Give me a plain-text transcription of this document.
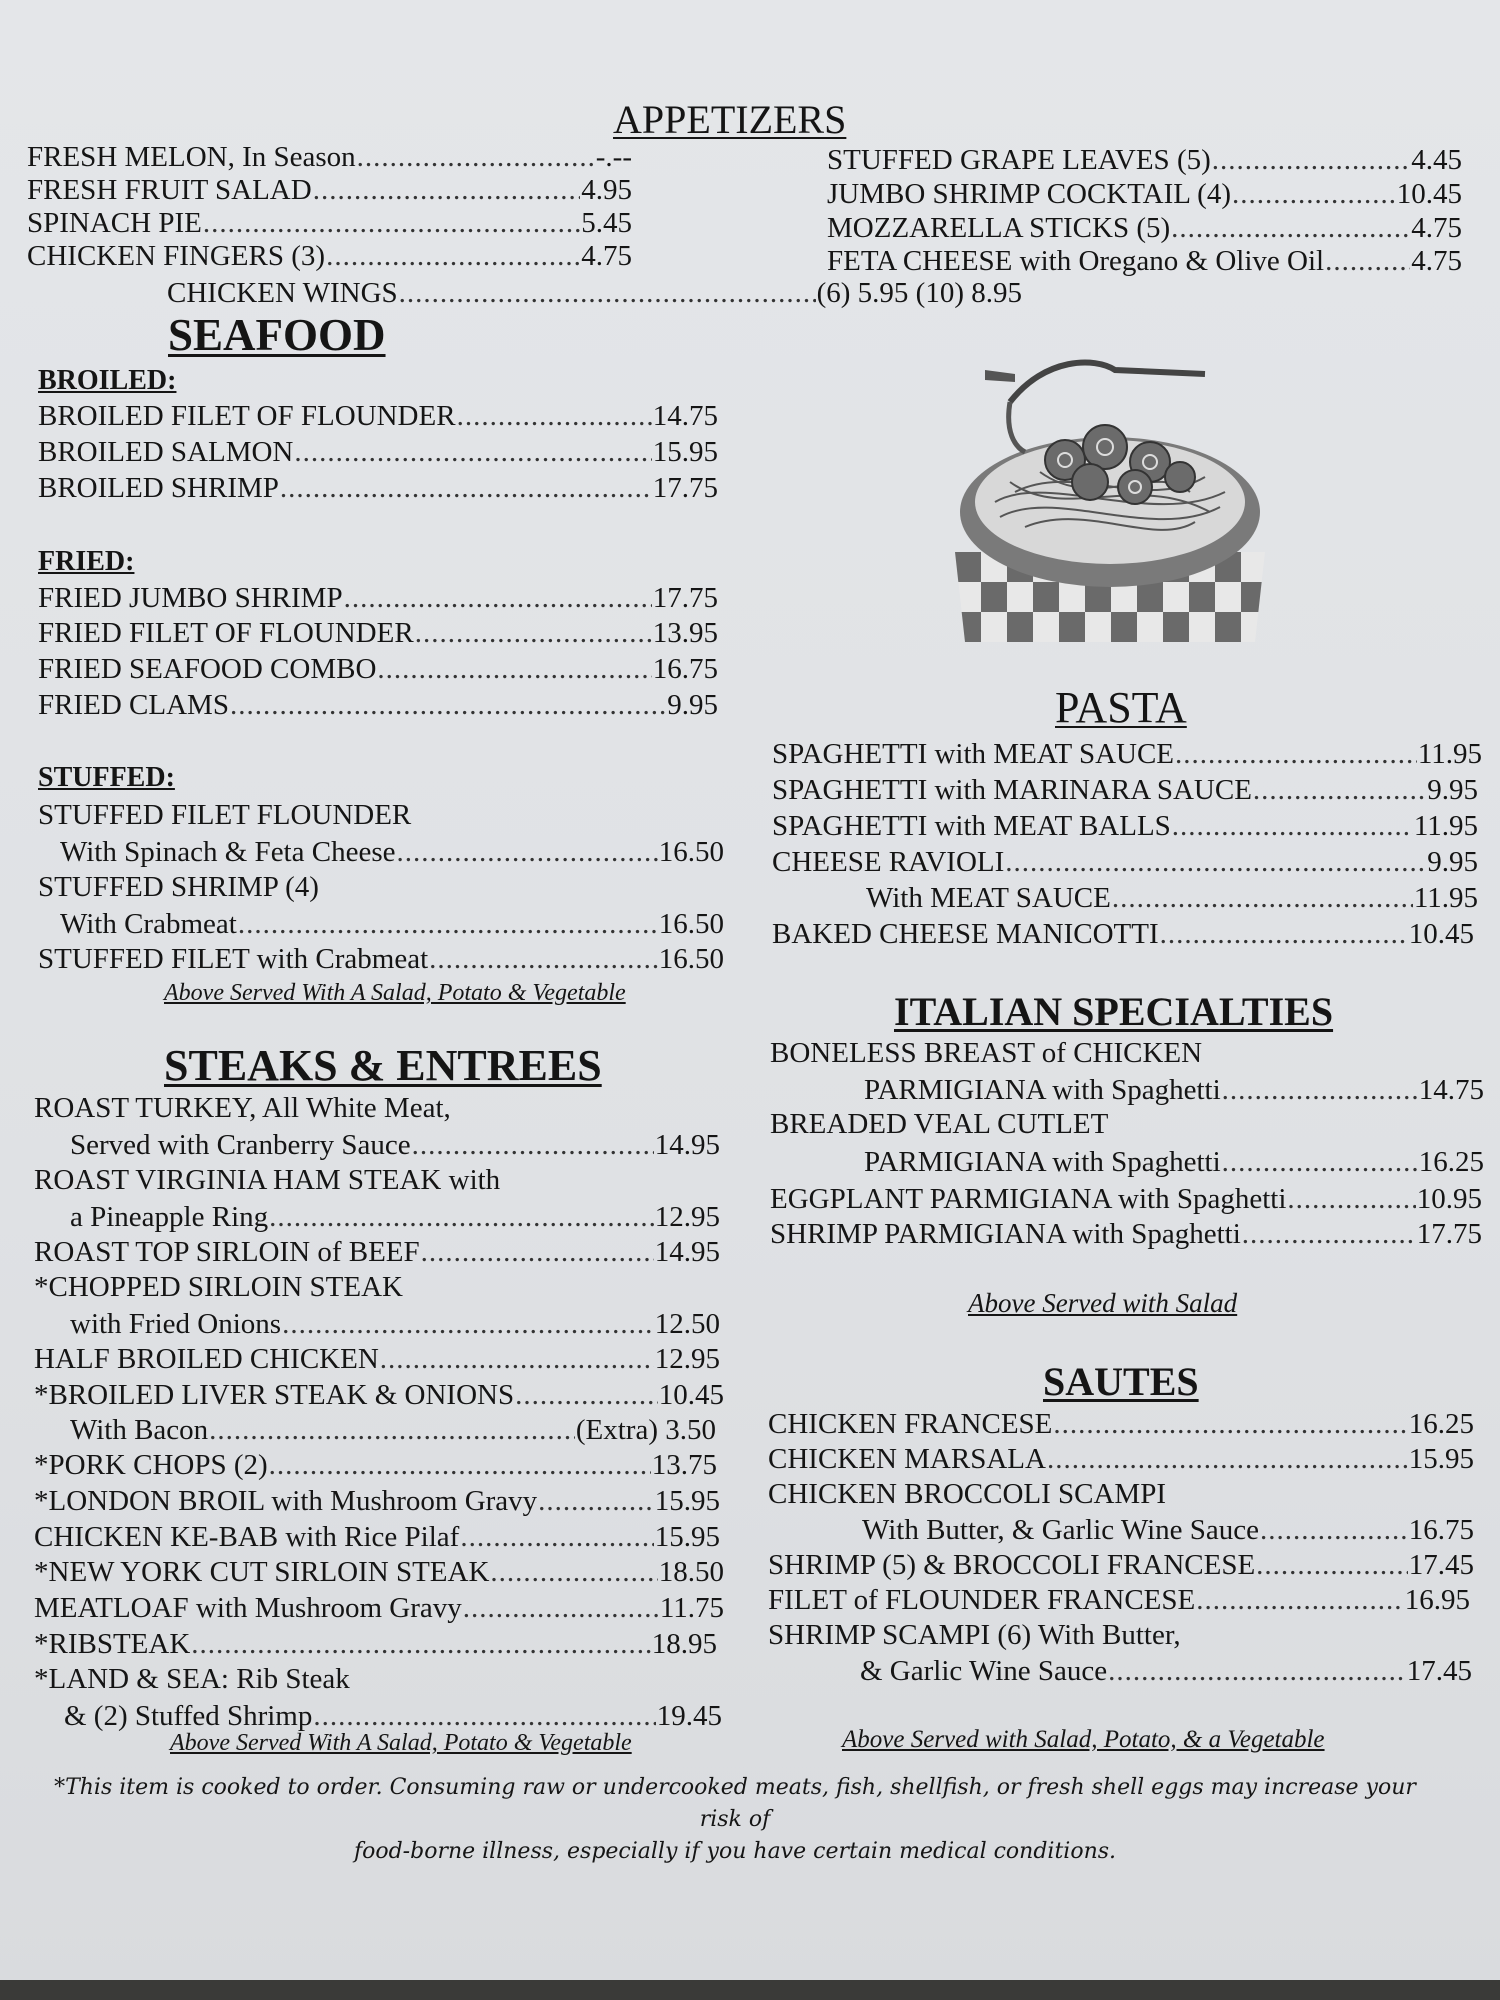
APPETIZERS
FRESH MELON, In Season .....	-.--
FRESH FRUIT SALAD .....	4.95
SPINACH PIE .....	5.45
CHICKEN FINGERS (3) .....	4.75
STUFFED GRAPE LEAVES (5) .....	4.45
JUMBO SHRIMP COCKTAIL (4) .....	10.45
MOZZARELLA STICKS (5) .....	4.75
FETA CHEESE with Oregano & Olive Oil .....	4.75
CHICKEN WINGS .....	(6) 5.95 (10) 8.95
SEAFOOD
BROILED:
BROILED FILET OF FLOUNDER .....	14.75
BROILED SALMON .....	15.95
BROILED SHRIMP .....	17.75
FRIED:
FRIED JUMBO SHRIMP .....	17.75
FRIED FILET OF FLOUNDER .....	13.95
FRIED SEAFOOD COMBO .....	16.75
FRIED CLAMS .....	9.95
STUFFED:
STUFFED FILET FLOUNDER
With Spinach & Feta Cheese .....	16.50
STUFFED SHRIMP (4)
With Crabmeat .....	16.50
STUFFED FILET with Crabmeat .....	16.50
Above Served With A Salad, Potato & Vegetable
STEAKS & ENTREES
ROAST TURKEY, All White Meat,
Served with Cranberry Sauce .....	14.95
ROAST VIRGINIA HAM STEAK with
a Pineapple Ring .....	12.95
ROAST TOP SIRLOIN of BEEF .....	14.95
*CHOPPED SIRLOIN STEAK
with Fried Onions .....	12.50
HALF BROILED CHICKEN .....	12.95
*BROILED LIVER STEAK & ONIONS .....	10.45
With Bacon .....	(Extra) 3.50
*PORK CHOPS (2) .....	13.75
*LONDON BROIL with Mushroom Gravy .....	15.95
CHICKEN KE-BAB with Rice Pilaf .....	15.95
*NEW YORK CUT SIRLOIN STEAK .....	18.50
MEATLOAF with Mushroom Gravy .....	11.75
*RIBSTEAK .....	18.95
*LAND & SEA: Rib Steak
& (2) Stuffed Shrimp .....	19.45
Above Served With A Salad, Potato & Vegetable
PASTA
SPAGHETTI with MEAT SAUCE .....	11.95
SPAGHETTI with MARINARA SAUCE .....	9.95
SPAGHETTI with MEAT BALLS .....	11.95
CHEESE RAVIOLI .....	9.95
With MEAT SAUCE .....	11.95
BAKED CHEESE MANICOTTI .....	10.45
ITALIAN SPECIALTIES
BONELESS BREAST of CHICKEN
PARMIGIANA with Spaghetti .....	14.75
BREADED VEAL CUTLET
PARMIGIANA with Spaghetti .....	16.25
EGGPLANT PARMIGIANA with Spaghetti .....	10.95
SHRIMP PARMIGIANA with Spaghetti .....	17.75
Above Served with Salad
SAUTES
CHICKEN FRANCESE .....	16.25
CHICKEN MARSALA .....	15.95
CHICKEN BROCCOLI SCAMPI
With Butter, & Garlic Wine Sauce .....	16.75
SHRIMP (5) & BROCCOLI FRANCESE .....	17.45
FILET of FLOUNDER FRANCESE .....	16.95
SHRIMP SCAMPI (6) With Butter,
& Garlic Wine Sauce .....	17.45
Above Served with Salad, Potato, & a Vegetable
*This item is cooked to order. Consuming raw or undercooked meats, fish, shellfish, or fresh shell eggs may increase your risk of
food-borne illness, especially if you have certain medical conditions.
